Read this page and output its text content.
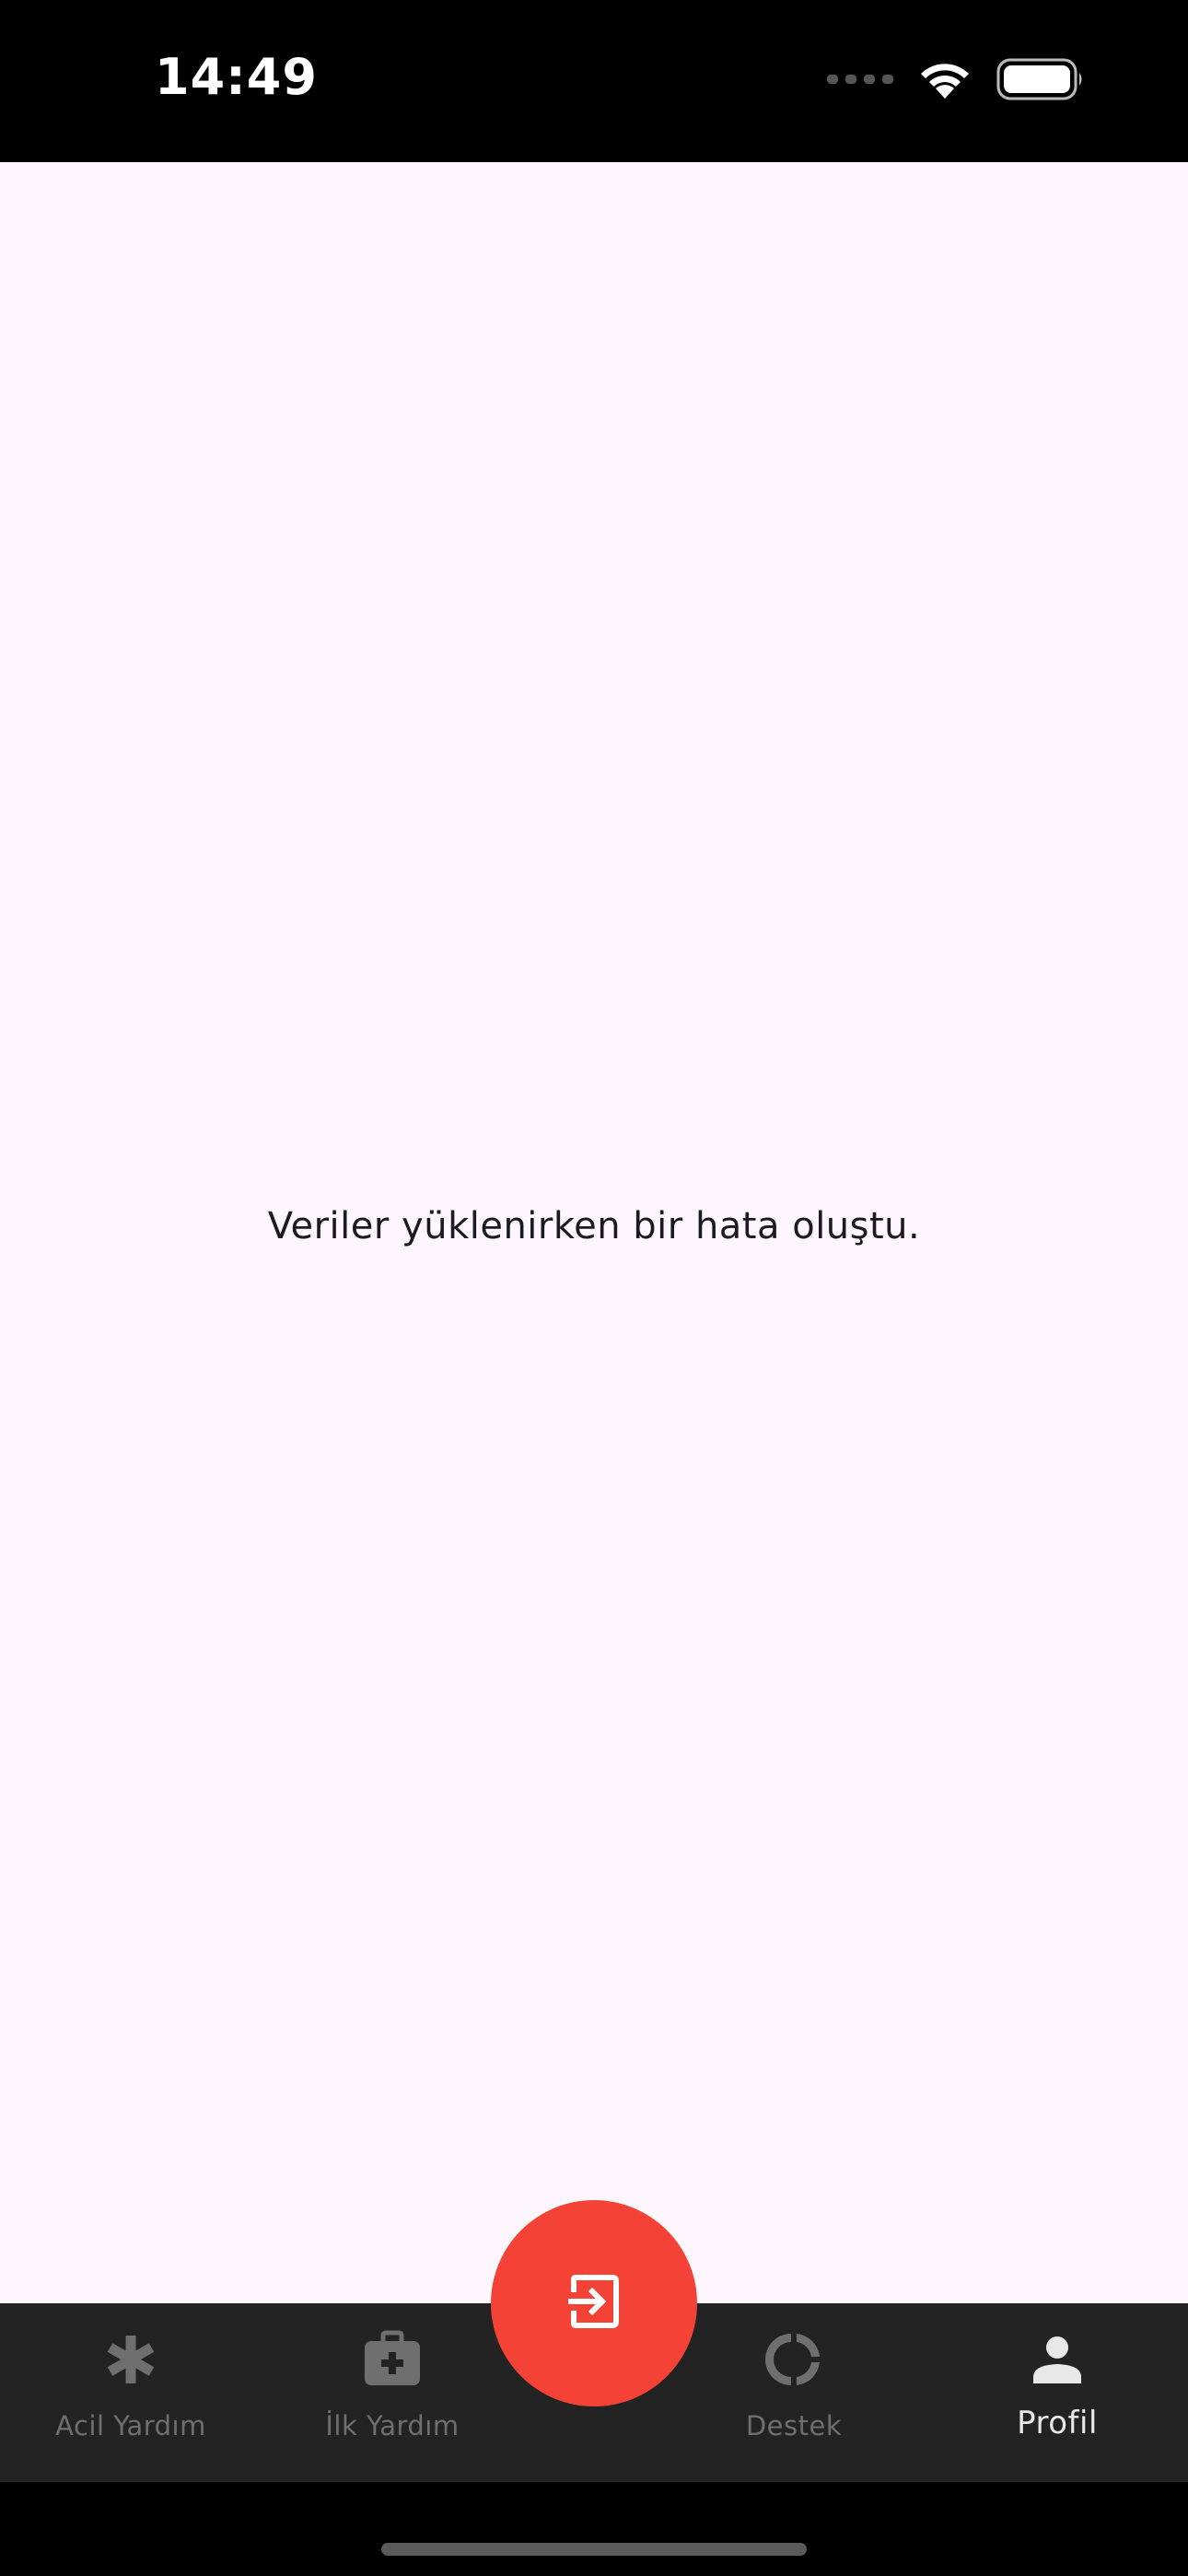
14:49
Veriler yüklenirken bir hata oluştu.
Acil Yardım	İlk Yardım	Destek	Profil
